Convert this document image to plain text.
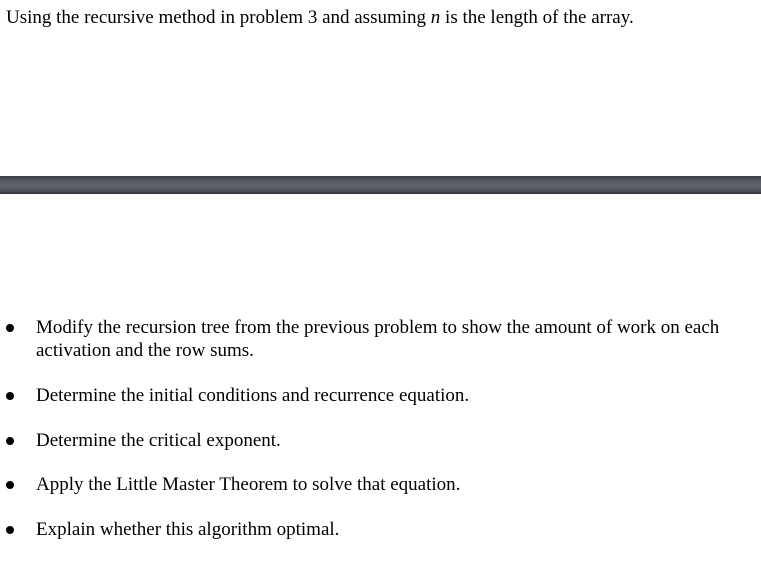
Using the recursive method in problem 3 and assuming n is the length of the array.
Modify the recursion tree from the previous problem to show the amount of work on each activation and the row sums.
Determine the initial conditions and recurrence equation.
Determine the critical exponent.
Apply the Little Master Theorem to solve that equation.
Explain whether this algorithm optimal.
